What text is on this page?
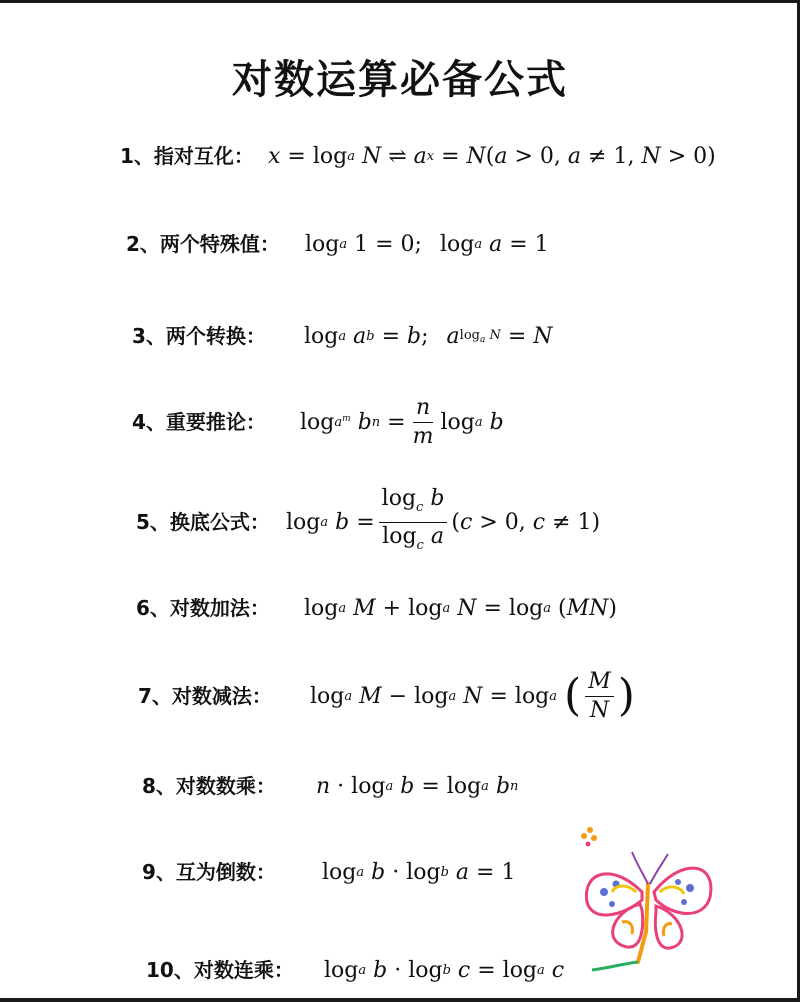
对数运算必备公式
1、指对互化： x = log a
N ⇌ a x = N ( a > 0, a ≠ 1, N > 0)
2、两个特殊值： log a 1 = 0; log a
a = 1
3、两个转换： log a
a b = b ; a $\log_a N = N$
4、重要推论： $\log a^m$
b $n = \frac{n}{m}$ log a
b
5、换底公式： log a
$b = \frac{\log_c b}{\log_c a}$ ( c > 0, c ≠ 1)
6、对数加法： log a
M + log a
N = log a ( MN )
7、对数减法： log a
M − log a
N = log a
( $\frac{M}{N}$ )
8、对数数乘： n · log a
b = log a
b n
9、互为倒数： log a
b · log b
a = 1
10、对数连乘： log a
b · log b
c = log a
c
